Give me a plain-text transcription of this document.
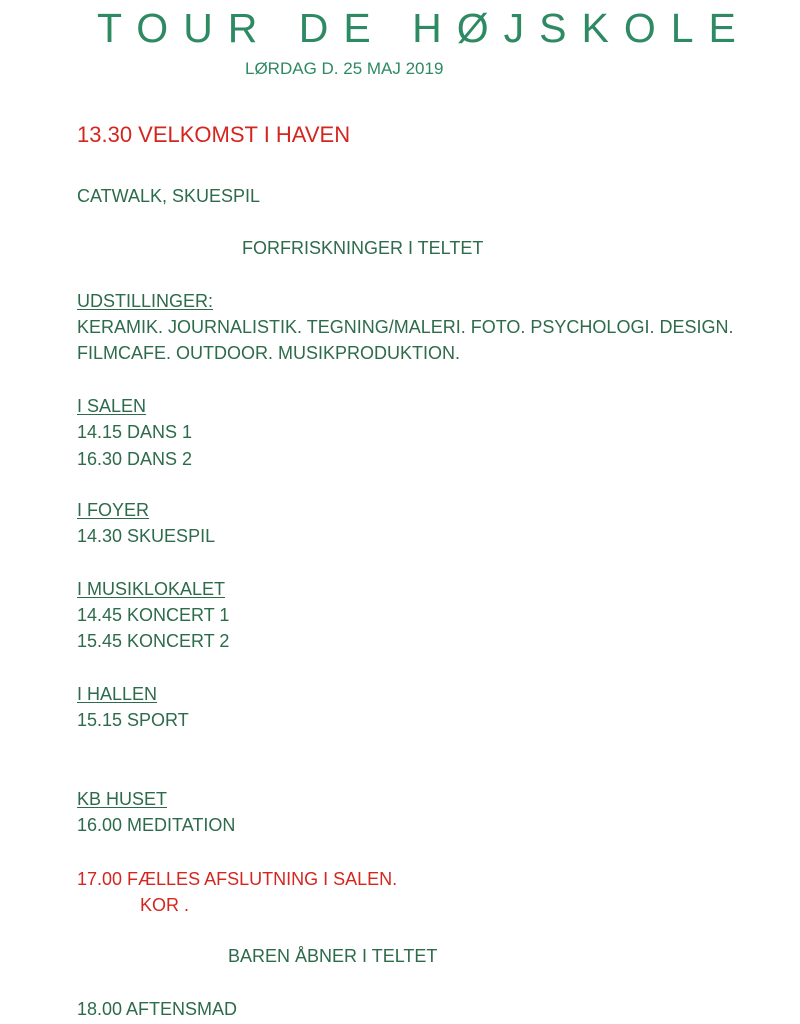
TOUR DE HØJSKOLE
LØRDAG D. 25 MAJ 2019
13.30 VELKOMST I HAVEN
CATWALK, SKUESPIL
FORFRISKNINGER I TELTET
UDSTILLINGER:
KERAMIK. JOURNALISTIK. TEGNING/MALERI. FOTO. PSYCHOLOGI. DESIGN.
FILMCAFE. OUTDOOR. MUSIKPRODUKTION.
I SALEN
14.15 DANS 1
16.30 DANS 2
I FOYER
14.30 SKUESPIL
I MUSIKLOKALET
14.45 KONCERT 1
15.45 KONCERT 2
I HALLEN
15.15 SPORT
KB HUSET
16.00 MEDITATION
17.00 FÆLLES AFSLUTNING I SALEN.
KOR .
BAREN ÅBNER I TELTET
18.00 AFTENSMAD
